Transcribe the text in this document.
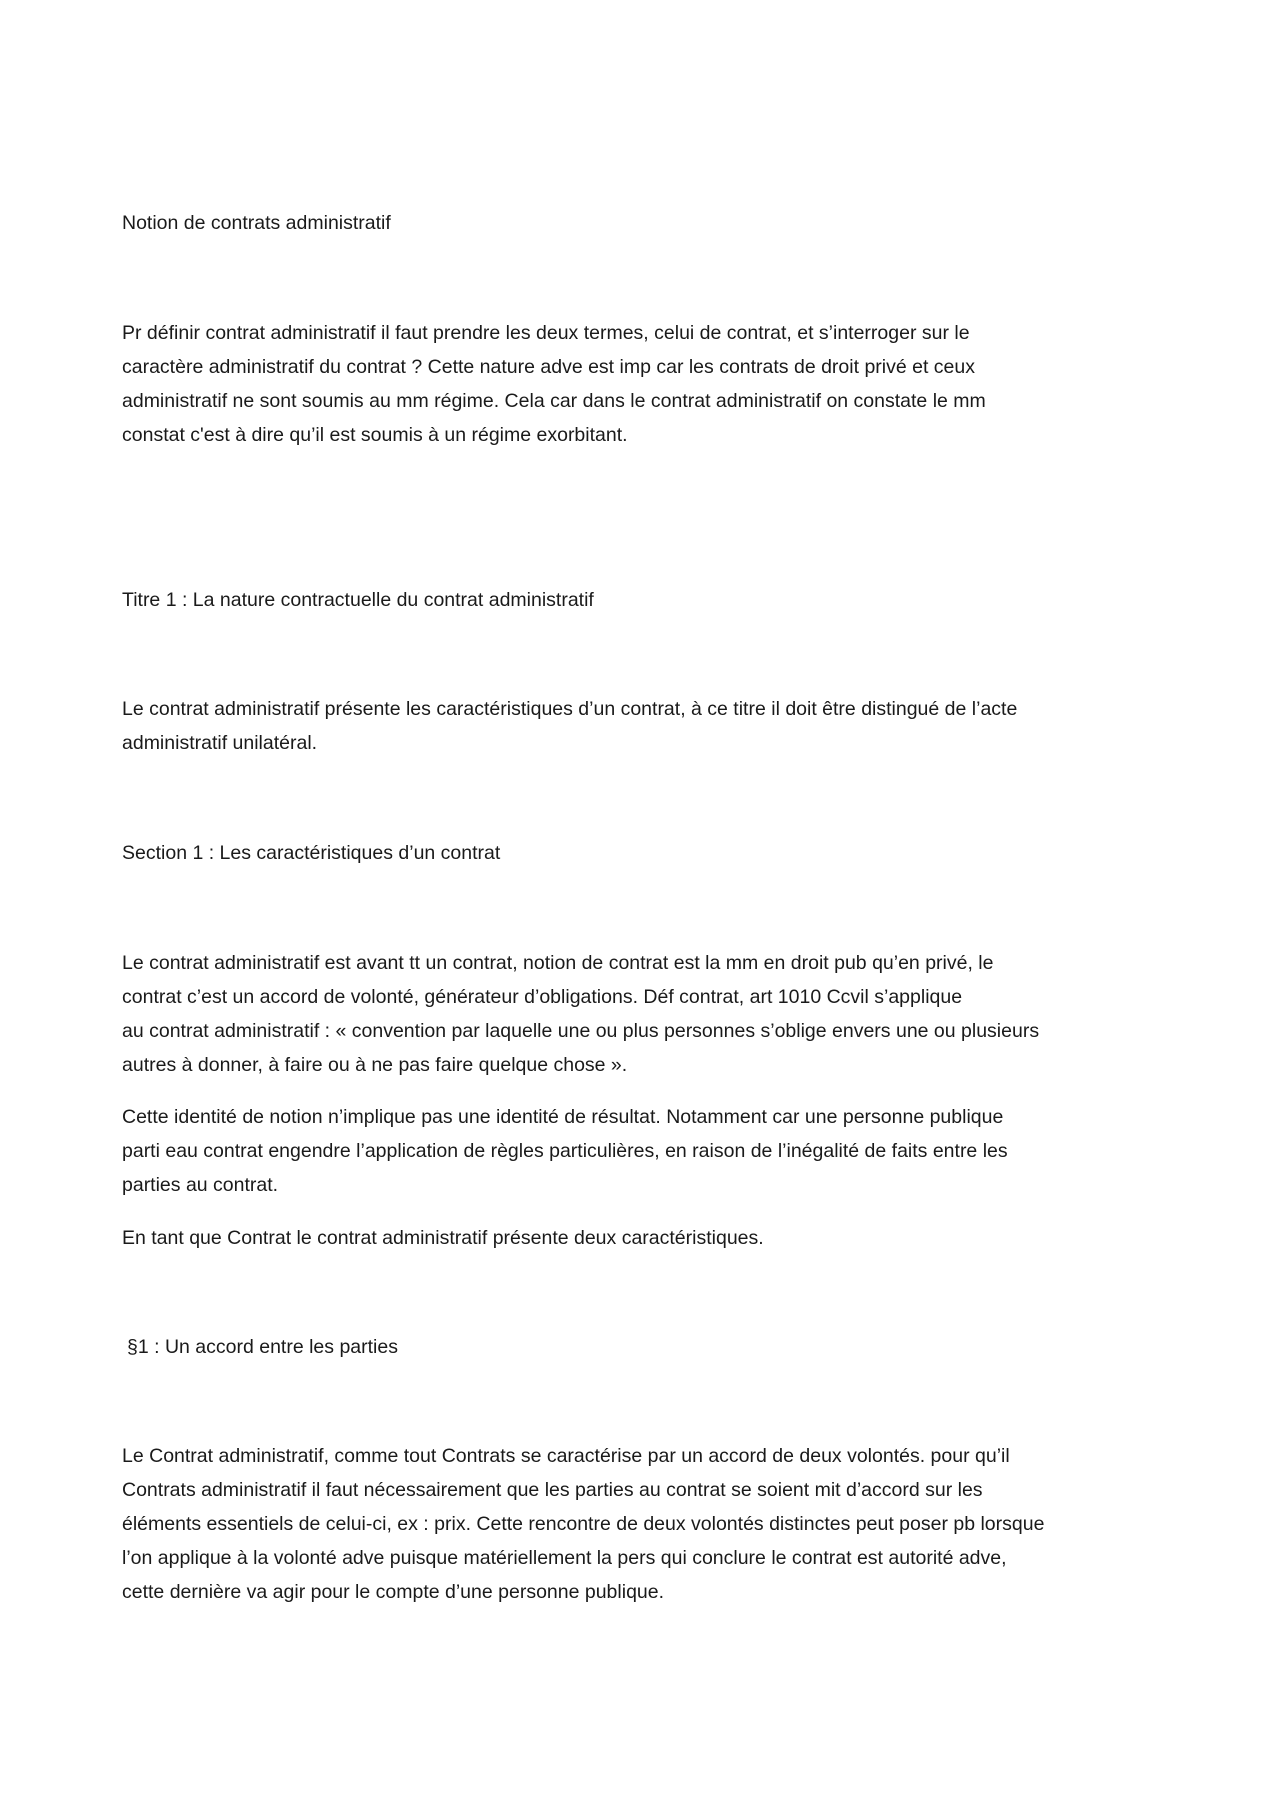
Notion de contrats administratif

Pr définir contrat administratif il faut prendre les deux termes, celui de contrat, et s’interroger sur le
caractère administratif du contrat ? Cette nature adve est imp car les contrats de droit privé et ceux
administratif ne sont soumis au mm régime. Cela car dans le contrat administratif on constate le mm
constat c'est à dire qu’il est soumis à un régime exorbitant.

Titre 1 : La nature contractuelle du contrat administratif

Le contrat administratif présente les caractéristiques d’un contrat, à ce titre il doit être distingué de l’acte
administratif unilatéral.

Section 1 : Les caractéristiques d’un contrat

Le contrat administratif est avant tt un contrat, notion de contrat est la mm en droit pub qu’en privé, le
contrat c’est un accord de volonté, générateur d’obligations. Déf contrat, art 1010 Ccvil s’applique
au contrat administratif : « convention par laquelle une ou plus personnes s’oblige envers une ou plusieurs
autres à donner, à faire ou à ne pas faire quelque chose ».

Cette identité de notion n’implique pas une identité de résultat. Notamment car une personne publique
parti eau contrat engendre l’application de règles particulières, en raison de l’inégalité de faits entre les
parties au contrat.

En tant que Contrat le contrat administratif présente deux caractéristiques.

§1 : Un accord entre les parties

Le Contrat administratif, comme tout Contrats se caractérise par un accord de deux volontés. pour qu’il
Contrats administratif il faut nécessairement que les parties au contrat se soient mit d’accord sur les
éléments essentiels de celui-ci, ex : prix. Cette rencontre de deux volontés distinctes peut poser pb lorsque
l’on applique à la volonté adve puisque matériellement la pers qui conclure le contrat est autorité adve,
cette dernière va agir pour le compte d’une personne publique.
